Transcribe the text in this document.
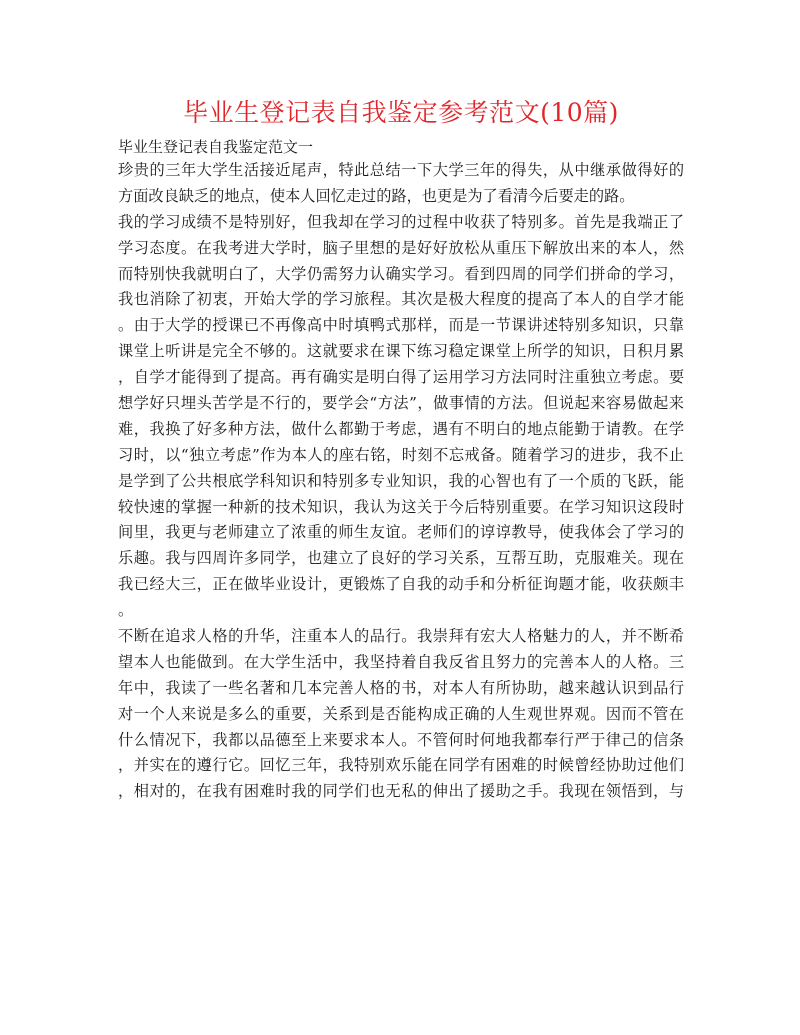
毕业生登记表自我鉴定参考范文(10篇)
毕业生登记表自我鉴定范文一
珍贵的三年大学生活接近尾声，特此总结一下大学三年的得失，从中继承做得好的
方面改良缺乏的地点，使本人回忆走过的路，也更是为了看清今后要走的路。
我的学习成绩不是特别好，但我却在学习的过程中收获了特别多。首先是我端正了
学习态度。在我考进大学时，脑子里想的是好好放松从重压下解放出来的本人，然
而特别快我就明白了，大学仍需努力认确实学习。看到四周的同学们拼命的学习，
我也消除了初衷，开始大学的学习旅程。其次是极大程度的提高了本人的自学才能
。由于大学的授课已不再像高中时填鸭式那样，而是一节课讲述特别多知识，只靠
课堂上听讲是完全不够的。这就要求在课下练习稳定课堂上所学的知识，日积月累
，自学才能得到了提高。再有确实是明白得了运用学习方法同时注重独立考虑。要
想学好只埋头苦学是不行的，要学会“方法”，做事情的方法。但说起来容易做起来
难，我换了好多种方法，做什么都勤于考虑，遇有不明白的地点能勤于请教。在学
习时，以“独立考虑”作为本人的座右铭，时刻不忘戒备。随着学习的进步，我不止
是学到了公共根底学科知识和特别多专业知识，我的心智也有了一个质的飞跃，能
较快速的掌握一种新的技术知识，我认为这关于今后特别重要。在学习知识这段时
间里，我更与老师建立了浓重的师生友谊。老师们的谆谆教导，使我体会了学习的
乐趣。我与四周许多同学，也建立了良好的学习关系，互帮互助，克服难关。现在
我已经大三，正在做毕业设计，更锻炼了自我的动手和分析征询题才能，收获颇丰
。
不断在追求人格的升华，注重本人的品行。我崇拜有宏大人格魅力的人，并不断希
望本人也能做到。在大学生活中，我坚持着自我反省且努力的完善本人的人格。三
年中，我读了一些名著和几本完善人格的书，对本人有所协助，越来越认识到品行
对一个人来说是多么的重要，关系到是否能构成正确的人生观世界观。因而不管在
什么情况下，我都以品德至上来要求本人。不管何时何地我都奉行严于律己的信条
，并实在的遵行它。回忆三年，我特别欢乐能在同学有困难的时候曾经协助过他们
，相对的，在我有困难时我的同学们也无私的伸出了援助之手。我现在领悟到，与
